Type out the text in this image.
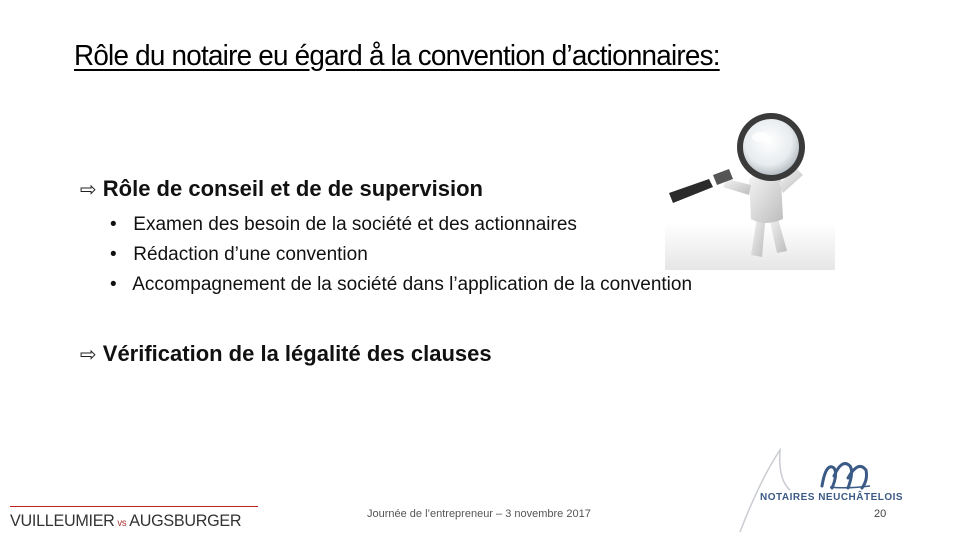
Rôle du notaire eu égard å la convention d’actionnaires:
⇨ Rôle de conseil et de de supervision
• Examen des besoin de la société et des actionnaires
• Rédaction d’une convention
• Accompagnement de la société dans l’application de la convention
⇨ Vérification de la légalité des clauses
Journée de l’entrepreneur – 3 novembre 2017	20
VUILLEUMIER vs AUGSBURGER
NOTAIRES NEUCHÂTELOIS
